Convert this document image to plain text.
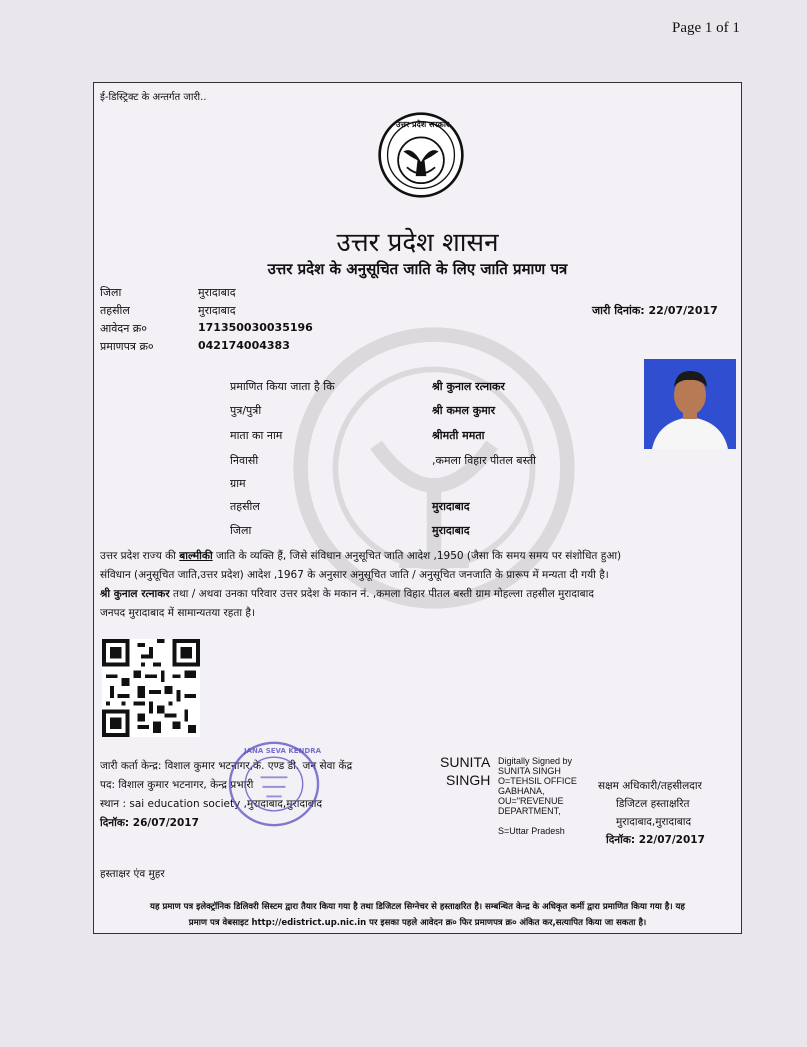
Page 1 of 1
ई-डिस्ट्रिक्ट के अन्तर्गत जारी..
उत्तर प्रदेश सरकार
उत्तर प्रदेश शासन
उत्तर प्रदेश के अनुसूचित जाति के लिए जाति प्रमाण पत्र
जिला	मुरादाबाद
तहसील	मुरादाबाद
आवेदन क्र०	171350030035196
प्रमाणपत्र क्र०	042174004383
जारी दिनांक: 22/07/2017
प्रमाणित किया जाता है कि	श्री कुनाल रत्नाकर
पुत्र/पुत्री	श्री कमल कुमार
माता का नाम	श्रीमती ममता
निवासी	,कमला विहार पीतल बस्ती
ग्राम
तहसील	मुरादाबाद
जिला	मुरादाबाद
उत्तर प्रदेश राज्य की बाल्मीकी जाति के व्यक्ति हैं, जिसे संविधान अनुसूचित जाति आदेश ,1950 (जैसा कि समय समय पर संशोधित हुआ)
संविधान (अनुसूचित जाति,उत्तर प्रदेश) आदेश ,1967 के अनुसार अनुसूचित जाति / अनुसूचित जनजाति के प्रारूप में मन्यता दी गयी है।
श्री कुनाल रत्नाकर तथा / अथवा उनका परिवार उत्तर प्रदेश के मकान नं. ,कमला विहार पीतल बस्ती ग्राम मोहल्ला तहसील मुरादाबाद
जनपद मुरादाबाद में सामान्यतया रहता है।
जारी कर्ता केन्द्र: विशाल कुमार भटनागर,के. एण्ड डी. जन सेवा केंद्र
पद: विशाल कुमार भटनागर, केन्द्र प्रभारी
स्थान : sai education society ,मुरादाबाद,मुरादाबाद
दिनॉक: 26/07/2017
JANA SEVA KENDRA
SUNITA
SINGH
Digitally Signed by
SUNITA SINGH
O=TEHSIL OFFICE
GABHANA,
OU="REVENUE
DEPARTMENT,
S=Uttar Pradesh
सक्षम अधिकारी/तहसीलदार
डिजिटल हस्ताक्षरित
मुरादाबाद,मुरादाबाद
दिनॉक: 22/07/2017
हस्ताक्षर एंव मुहर
यह प्रमाण पत्र इलेक्ट्रॉनिक डिलिवरी सिस्टम द्वारा तैयार किया गया है तथा डिजिटल सिग्नेचर से हस्ताक्षरित है। सम्बन्धित केन्द्र के अधिकृत कर्मी द्वारा प्रमाणित किया गया है। यह
प्रमाण पत्र वेबसाइट http://edistrict.up.nic.in पर इसका पहले आवेदन क्र० फिर प्रमाणपत्र क्र० अंकित कर,सत्यापित किया जा सकता है।
